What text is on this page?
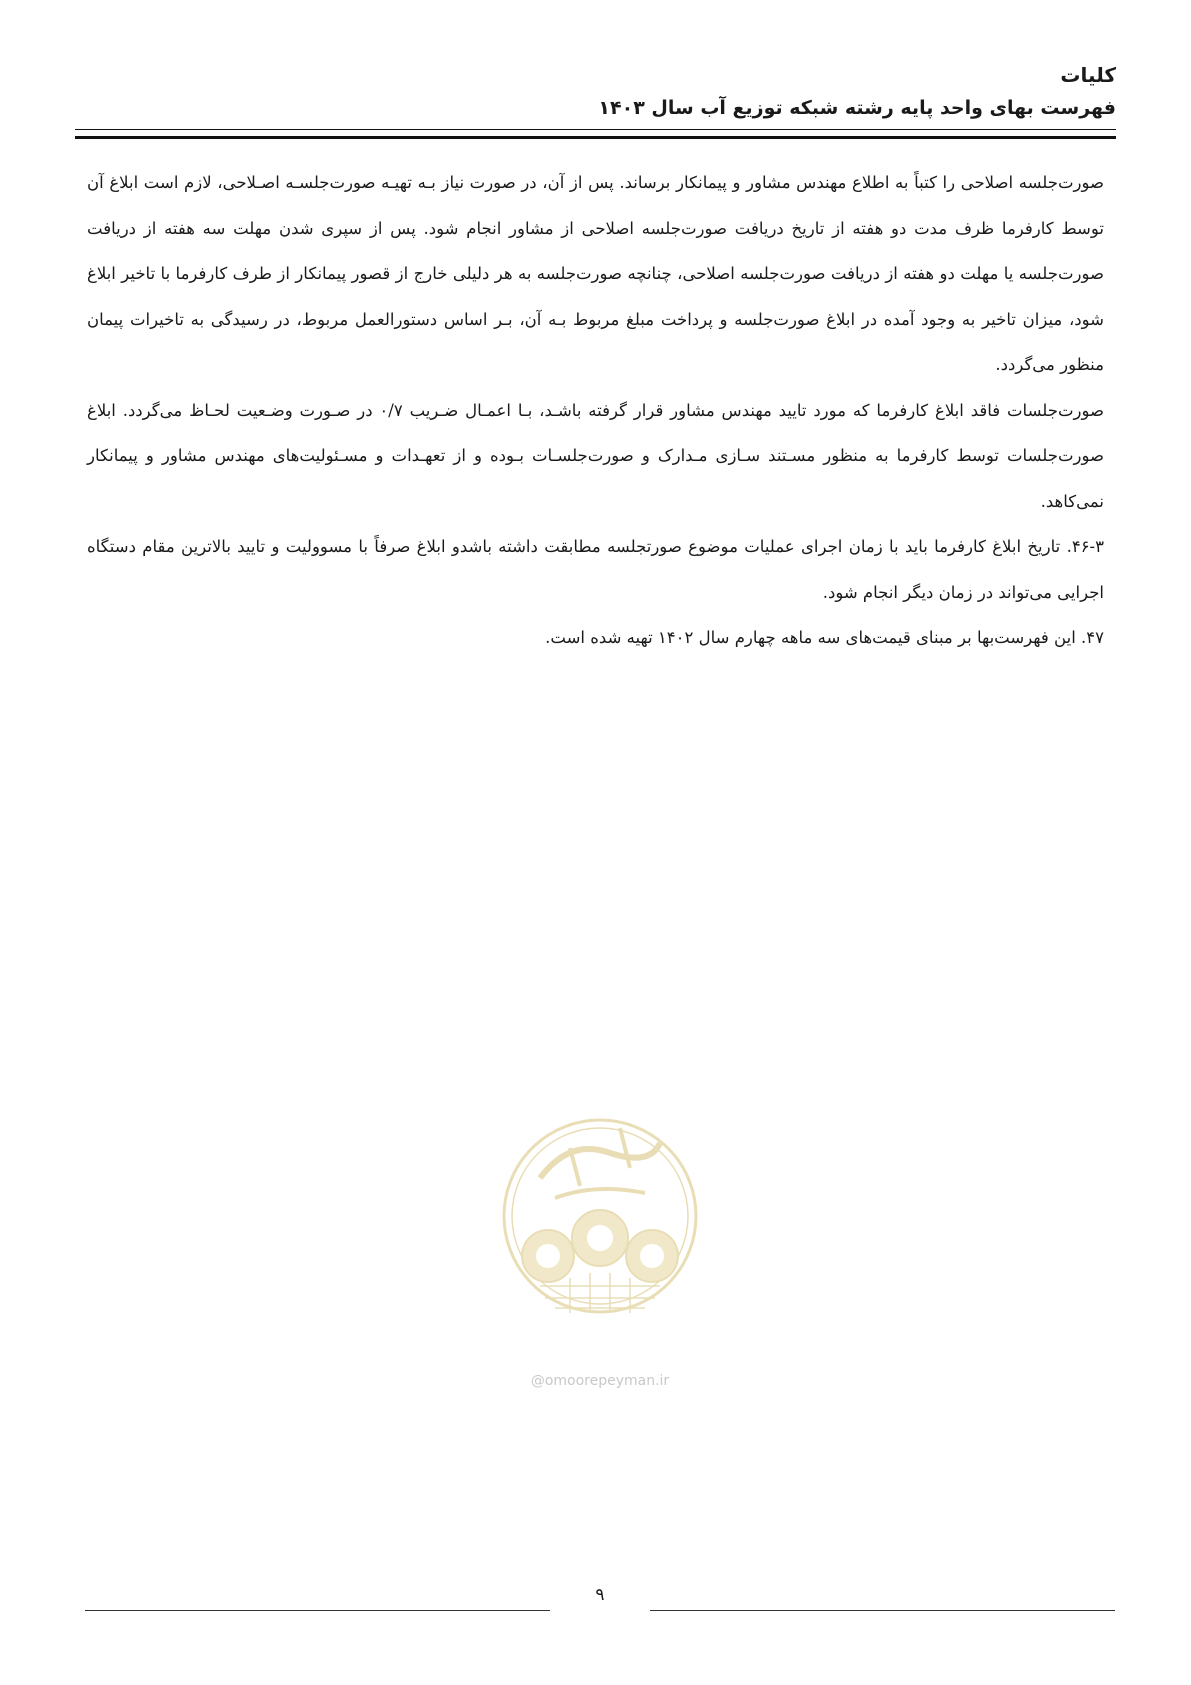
کلیات

فهرست بهای واحد پایه رشته شبکه توزیع آب سال ۱۴۰۳

صورت‌جلسه اصلاحی را کتباً به اطلاع مهندس مشاور و پیمانکار برساند. پس از آن، در صورت نیاز بـه تهیـه صورت‌جلسـه اصـلاحی، لازم است ابلاغ آن توسط کارفرما ظرف مدت دو هفته از تاریخ دریافت صورت‌جلسه اصلاحی از مشاور انجام شود. پس از سپری شدن مهلت سه هفته از دریافت صورت‌جلسه یا مهلت دو هفته از دریافت صورت‌جلسه اصلاحی، چنانچه صورت‌جلسه به هر دلیلی خارج از قصور پیمانکار از طرف کارفرما با تاخیر ابلاغ شود، میزان تاخیر به وجود آمده در ابلاغ صورت‌جلسه و پرداخت مبلغ مربوط بـه آن، بـر اساس دستورالعمل مربوط، در رسیدگی به تاخیرات پیمان منظور می‌گردد.

صورت‌جلسات فاقد ابلاغ کارفرما که مورد تایید مهندس مشاور قرار گرفته باشـد، بـا اعمـال ضـریب ۰/۷ در صـورت وضـعیت لحـاظ می‌گردد. ابلاغ صورت‌جلسات توسط کارفرما به منظور مسـتند سـازی مـدارک و صورت‌جلسـات بـوده و از تعهـدات و مسـئولیت‌های مهندس مشاور و پیمانکار نمی‌کاهد.

۴۶-۳. تاریخ ابلاغ کارفرما باید با زمان اجرای عملیات موضوع صورتجلسه مطابقت داشته باشدو ابلاغ صرفاً با مسوولیت و تایید بالاترین مقام دستگاه اجرایی می‌تواند در زمان دیگر انجام شود.

۴۷. این فهرست‌بها بر مبنای قیمت‌های سه ماهه چهارم سال ۱۴۰۲ تهیه شده است.

@omoorepeyman.ir
۹
